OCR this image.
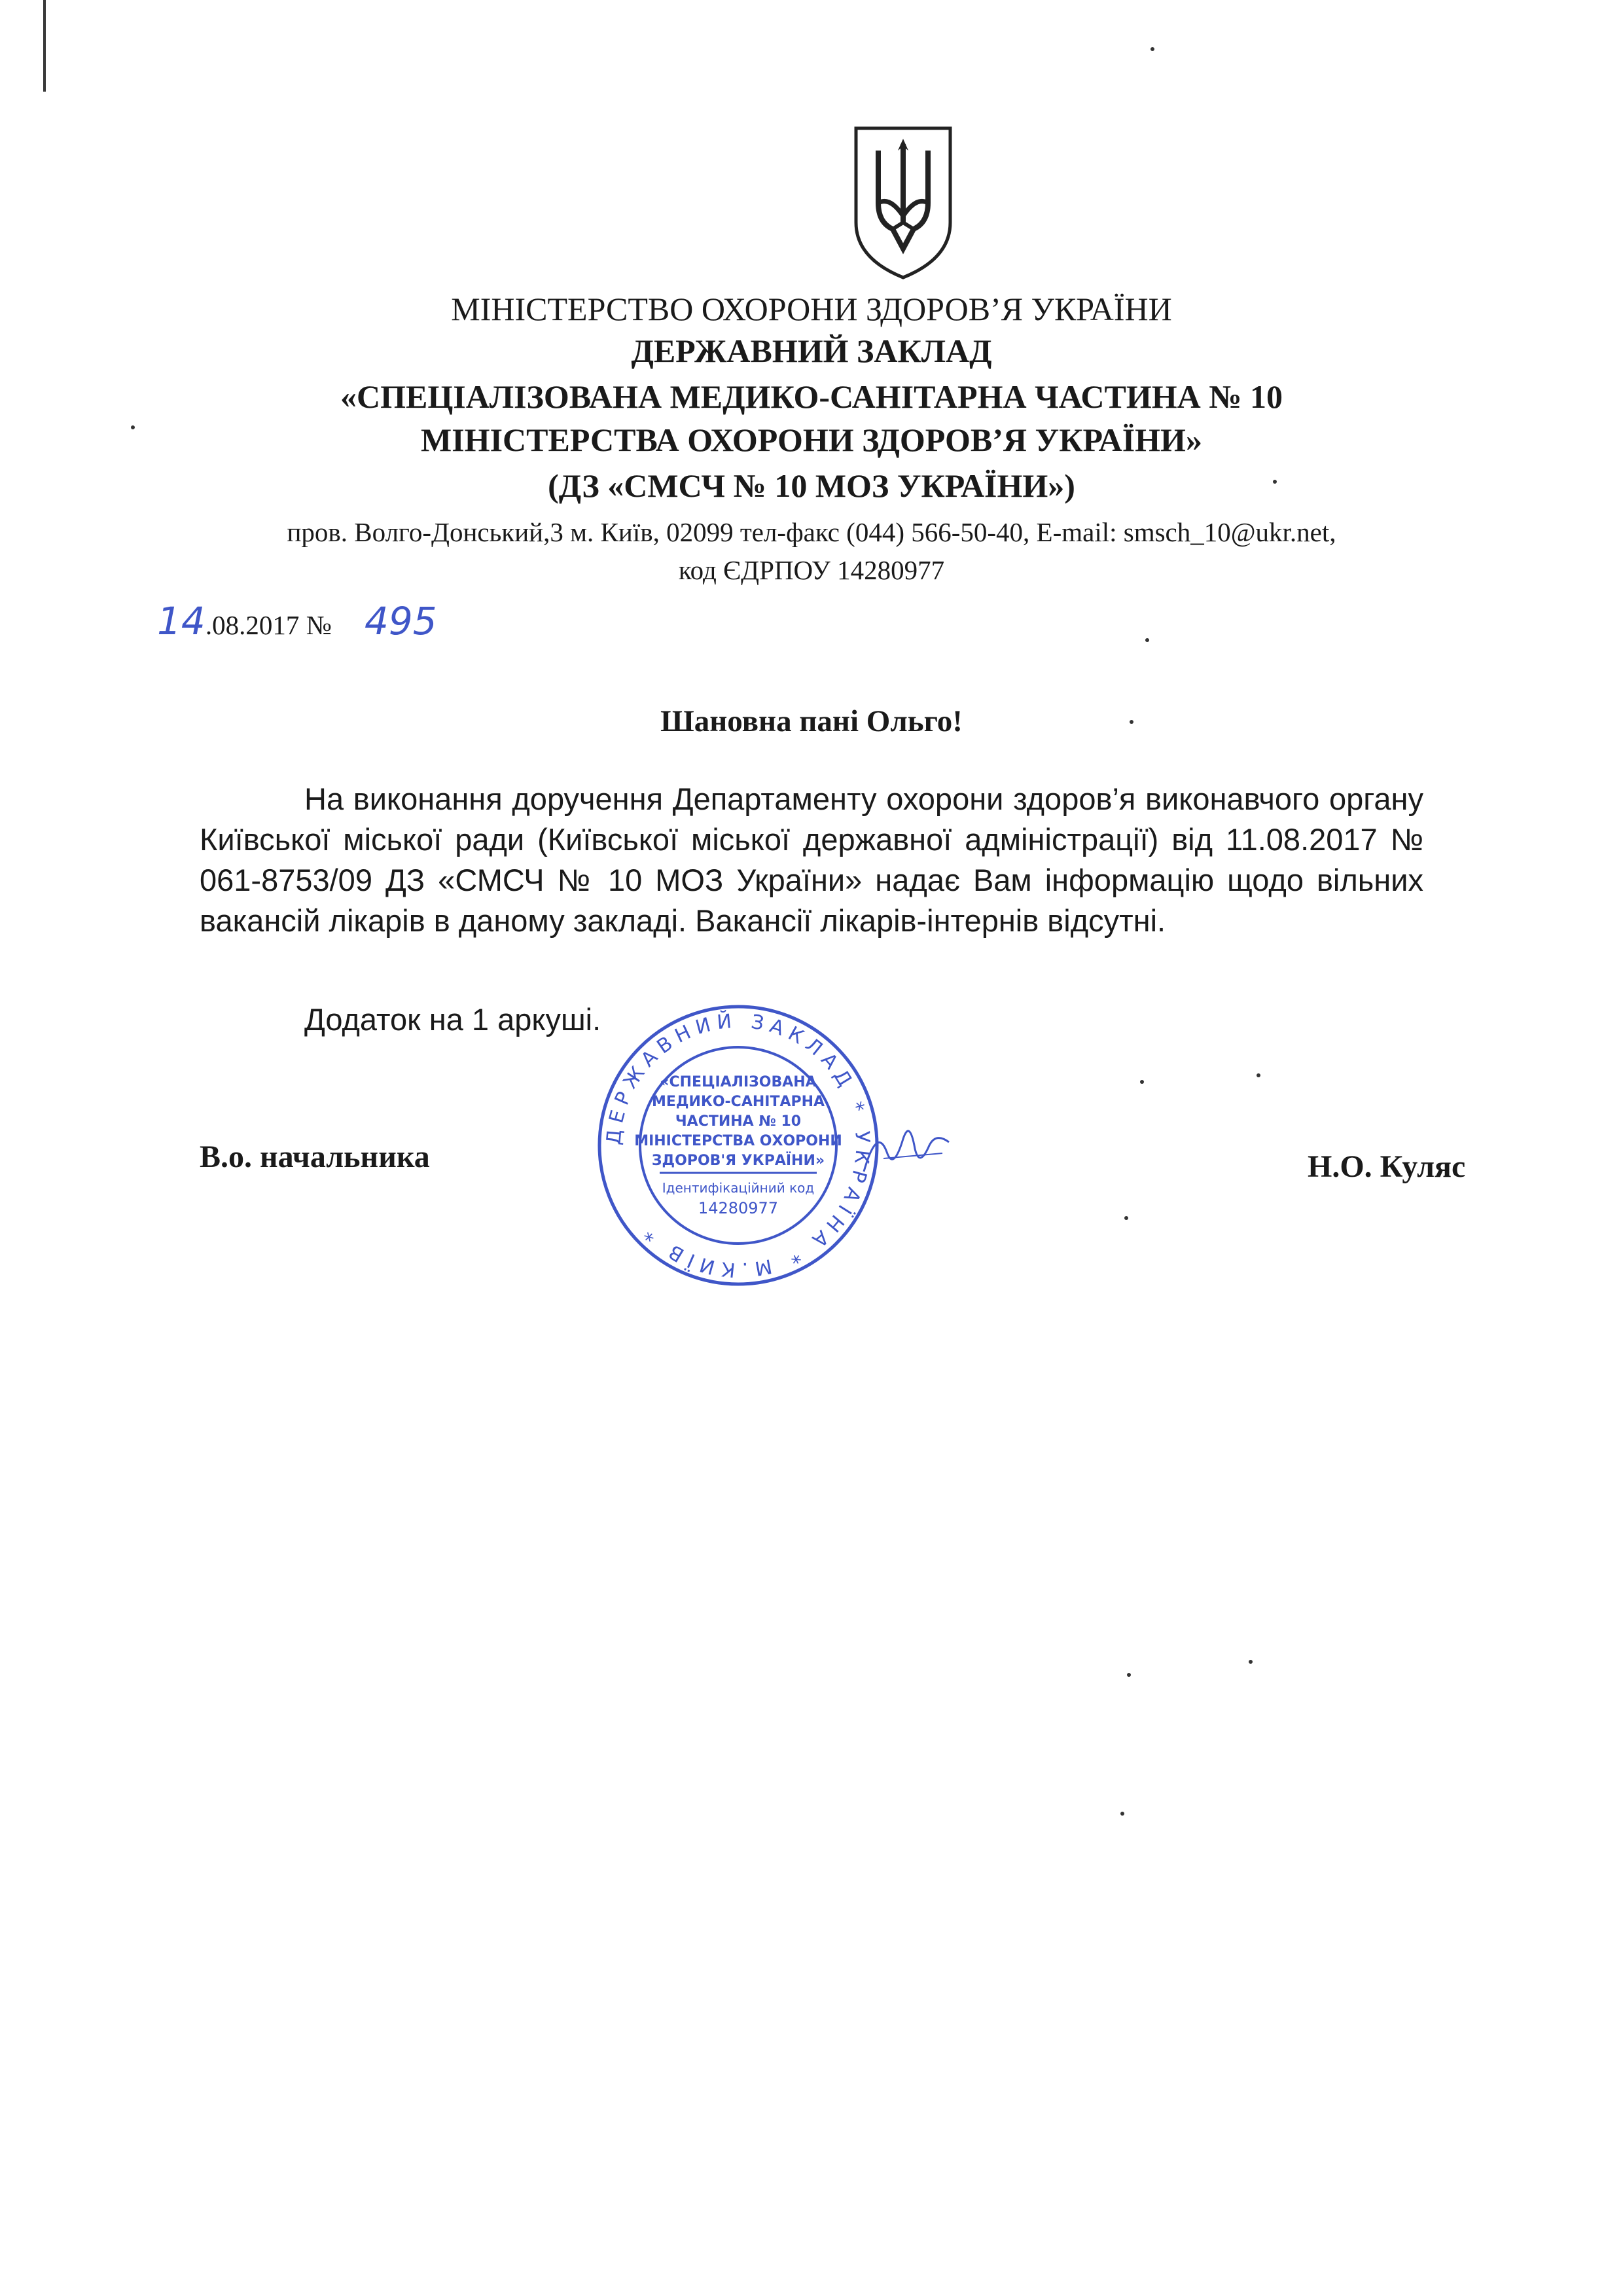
МІНІСТЕРСТВО ОХОРОНИ ЗДОРОВ’Я УКРАЇНИ
ДЕРЖАВНИЙ ЗАКЛАД
«СПЕЦІАЛІЗОВАНА МЕДИКО-САНІТАРНА ЧАСТИНА № 10
МІНІСТЕРСТВА ОХОРОНИ ЗДОРОВ’Я УКРАЇНИ»
(ДЗ «СМСЧ № 10 МОЗ УКРАЇНИ»)
пров. Волго-Донський,3 м. Київ, 02099 тел-факс (044) 566-50-40, E-mail: smsch_10@ukr.net,
код ЄДРПОУ 14280977
14.08.2017 № 495
Шановна пані Ольго!
На виконання доручення Департаменту охорони здоров’я виконавчого органу Київської міської ради (Київської міської державної адміністрації) від 11.08.2017 № 061-8753/09 ДЗ «СМСЧ № 10 МОЗ України» надає Вам інформацію щодо вільних вакансій лікарів в даному закладі. Вакансії лікарів-інтернів відсутні.
Додаток на 1 аркуші.
ДЕРЖАВНИЙ ЗАКЛАД * УКРАЇНА * М.КИЇВ *
«СПЕЦІАЛІЗОВАНА
МЕДИКО-САНІТАРНА
ЧАСТИНА № 10
МІНІСТЕРСТВА ОХОРОНИ
ЗДОРОВ'Я УКРАЇНИ»
Ідентифікаційний код
14280977
В.о. начальника	Н.О. Куляс
